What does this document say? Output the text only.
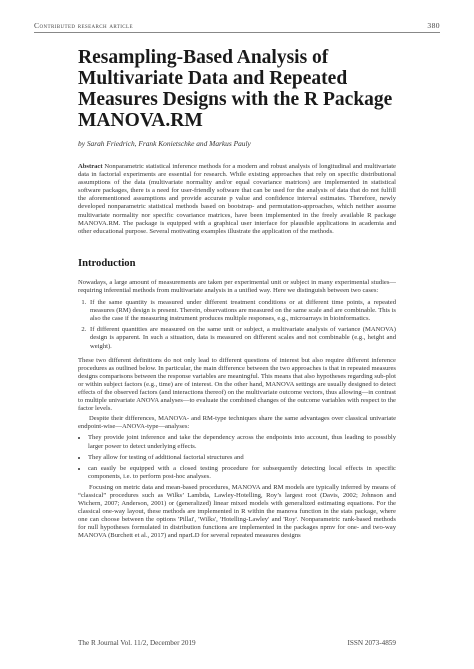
Contributed research article	380
Resampling-Based Analysis of Multivariate Data and Repeated Measures Designs with the R Package MANOVA.RM
by Sarah Friedrich, Frank Konietschke and Markus Pauly
Abstract Nonparametric statistical inference methods for a modern and robust analysis of longitudinal and multivariate data in factorial experiments are essential for research. While existing approaches that rely on specific distributional assumptions of the data (multivariate normality and/or equal covariance matrices) are implemented in statistical software packages, there is a need for user-friendly software that can be used for the analysis of data that do not fulfill the aforementioned assumptions and provide accurate p value and confidence interval estimates. Therefore, newly developed nonparametric statistical methods based on bootstrap- and permutation-approaches, which neither assume multivariate normality nor specific covariance matrices, have been implemented in the freely available R package MANOVA.RM. The package is equipped with a graphical user interface for plausible applications in academia and other educational purpose. Several motivating examples illustrate the application of the methods.
Introduction

Nowadays, a large amount of measurements are taken per experimental unit or subject in many experimental studies—requiring inferential methods from multivariate analysis in a unified way. Here we distinguish between two cases:

1. If the same quantity is measured under different treatment conditions or at different time points, a repeated measures (RM) design is present. Therein, observations are measured on the same scale and are combinable. This is also the case if the measuring instrument produces multiple responses, e.g., microarrays in bioinformatics.
2. If different quantities are measured on the same unit or subject, a multivariate analysis of variance (MANOVA) design is apparent. In such a situation, data is measured on different scales and not combinable (e.g., height and weight).

These two different definitions do not only lead to different questions of interest but also require different inference procedures as outlined below. In particular, the main difference between the two approaches is that in repeated measures designs comparisons between the response variables are meaningful. This means that also hypotheses regarding sub-plot or within subject factors (e.g., time) are of interest. On the other hand, MANOVA settings are usually designed to detect effects of the observed factors (and interactions thereof) on the multivariate outcome vectors, thus allowing—in contrast to multiple univariate ANOVA analyses—to evaluate the combined changes of the outcome variables with respect to the factor levels.

Despite their differences, MANOVA- and RM-type techniques share the same advantages over classical univariate endpoint-wise—ANOVA-type—analyses:

• They provide joint inference and take the dependency across the endpoints into account, thus leading to possibly larger power to detect underlying effects.
• They allow for testing of additional factorial structures and
• can easily be equipped with a closed testing procedure for subsequently detecting local effects in specific components, i.e. to perform post-hoc analyses.

Focusing on metric data and mean-based procedures, MANOVA and RM models are typically inferred by means of “classical” procedures such as Wilks’ Lambda, Lawley-Hotelling, Roy’s largest root (Davis, 2002; Johnson and Wichern, 2007; Anderson, 2001) or (generalized) linear mixed models with generalized estimating equations. For the classical one-way layout, these methods are implemented in R within the manova function in the stats package, where one can choose between the options 'Pillai', 'Wilks', 'Hotelling-Lawley' and 'Roy'. Nonparametric rank-based methods for null hypotheses formulated in distribution functions are implemented in the packages npmv for one- and two-way MANOVA (Burchett et al., 2017) and nparLD for several repeated measures designs

The R Journal Vol. 11/2, December 2019	ISSN 2073-4859
